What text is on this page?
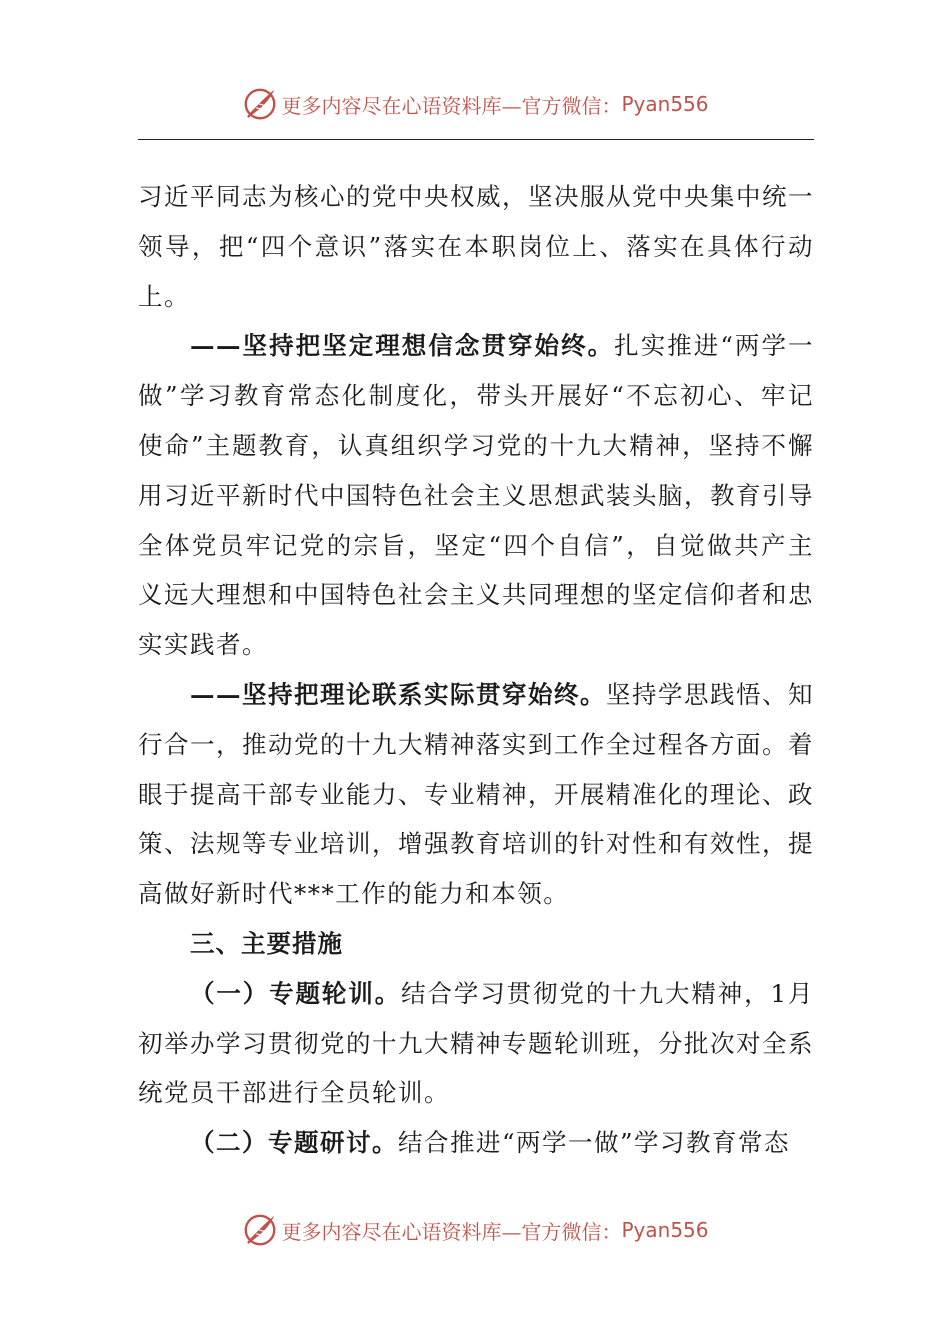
更多内容尽在心语资料库—官方微信： Pyan556

习近平同志为核心的党中央权威，坚决服从党中央集中统一领导，把“四个意识”落实在本职岗位上、落实在具体行动上。

——坚持把坚定理想信念贯穿始终。扎实推进“两学一做”学习教育常态化制度化，带头开展好“不忘初心、牢记使命”主题教育，认真组织学习党的十九大精神，坚持不懈用习近平新时代中国特色社会主义思想武装头脑，教育引导全体党员牢记党的宗旨，坚定“四个自信”，自觉做共产主义远大理想和中国特色社会主义共同理想的坚定信仰者和忠实实践者。

——坚持把理论联系实际贯穿始终。坚持学思践悟、知行合一，推动党的十九大精神落实到工作全过程各方面。着眼于提高干部专业能力、专业精神，开展精准化的理论、政策、法规等专业培训，增强教育培训的针对性和有效性，提高做好新时代***工作的能力和本领。

三、主要措施

（一）专题轮训。结合学习贯彻党的十九大精神，1月初举办学习贯彻党的十九大精神专题轮训班，分批次对全系统党员干部进行全员轮训。

（二）专题研讨。结合推进“两学一做”学习教育常态

更多内容尽在心语资料库—官方微信： Pyan556
